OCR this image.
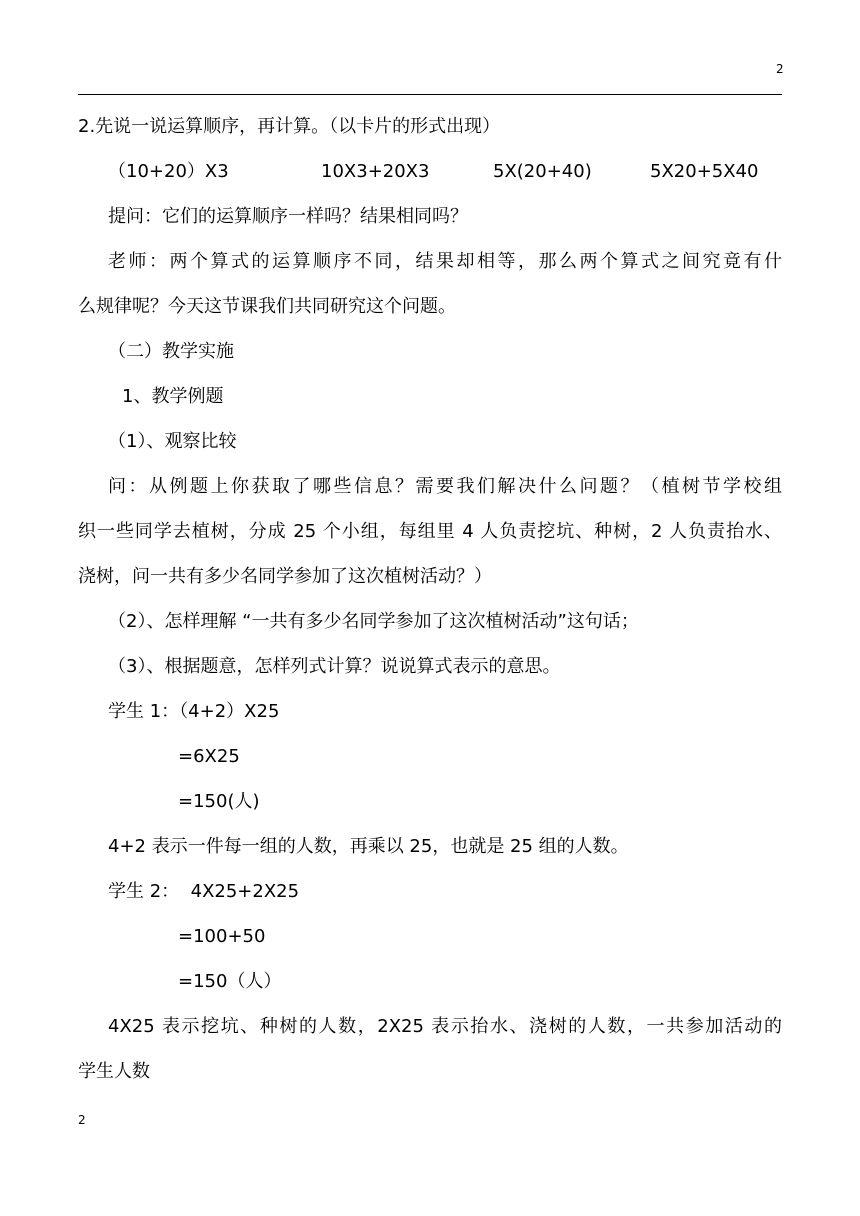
2
2.先说一说运算顺序，再计算。（以卡片的形式出现）
（10+20）X3	10X3+20X3	5X(20+40)	5X20+5X40
提问：它们的运算顺序一样吗？结果相同吗？
老师：两个算式的运算顺序不同，结果却相等，那么两个算式之间究竟有什
么规律呢？今天这节课我们共同研究这个问题。
（二）教学实施
1、教学例题
（1）、观察比较
问：从例题上你获取了哪些信息？需要我们解决什么问题？（植树节学校组
织一些同学去植树，分成 25 个小组，每组里 4 人负责挖坑、种树，2 人负责抬水、
浇树，问一共有多少名同学参加了这次植树活动？）
（2）、怎样理解 “一共有多少名同学参加了这次植树活动”这句话；
（3）、根据题意，怎样列式计算？说说算式表示的意思。
学生 1：（4+2）X25
=6X25
=150(人)
4+2 表示一件每一组的人数，再乘以 25，也就是 25 组的人数。
学生 2：  4X25+2X25
=100+50
=150（人）
4X25 表示挖坑、种树的人数，2X25 表示抬水、浇树的人数，一共参加活动的
学生人数
2
